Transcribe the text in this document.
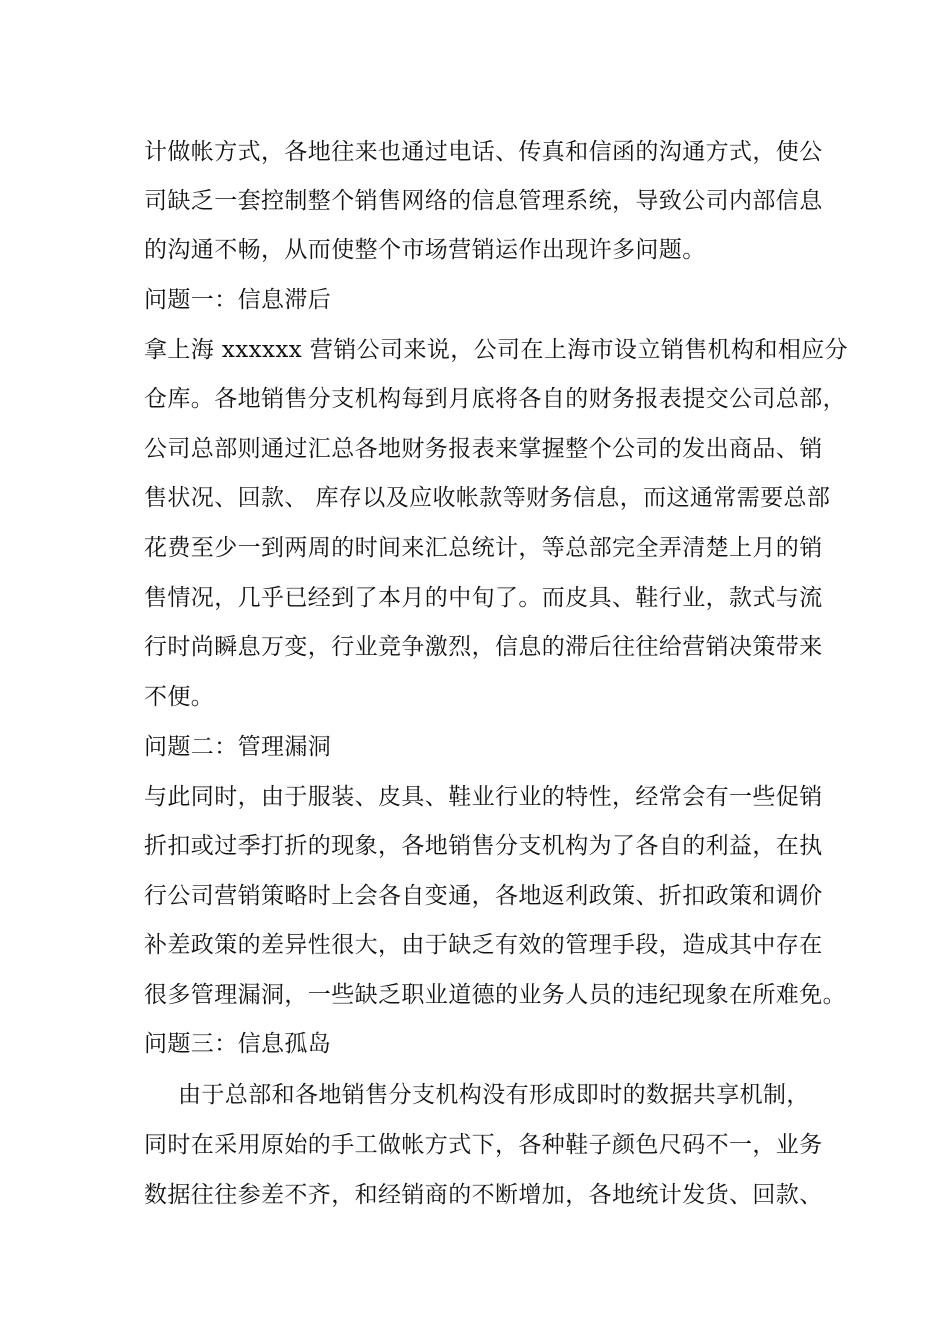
计做帐方式，各地往来也通过电话、传真和信函的沟通方式，使公
司缺乏一套控制整个销售网络的信息管理系统，导致公司内部信息
的沟通不畅，从而使整个市场营销运作出现许多问题。
问题一：信息滞后
拿上海 xxxxxx 营销公司来说，公司在上海市设立销售机构和相应分
仓库。各地销售分支机构每到月底将各自的财务报表提交公司总部，
公司总部则通过汇总各地财务报表来掌握整个公司的发出商品、销
售状况、回款、 库存以及应收帐款等财务信息，而这通常需要总部
花费至少一到两周的时间来汇总统计，等总部完全弄清楚上月的销
售情况，几乎已经到了本月的中旬了。而皮具、鞋行业，款式与流
行时尚瞬息万变，行业竞争激烈，信息的滞后往往给营销决策带来
不便。
问题二：管理漏洞
与此同时，由于服装、皮具、鞋业行业的特性，经常会有一些促销
折扣或过季打折的现象，各地销售分支机构为了各自的利益，在执
行公司营销策略时上会各自变通，各地返利政策、折扣政策和调价
补差政策的差异性很大，由于缺乏有效的管理手段，造成其中存在
很多管理漏洞，一些缺乏职业道德的业务人员的违纪现象在所难免。
问题三：信息孤岛
由于总部和各地销售分支机构没有形成即时的数据共享机制，
同时在采用原始的手工做帐方式下，各种鞋子颜色尺码不一，业务
数据往往参差不齐，和经销商的不断增加，各地统计发货、回款、
